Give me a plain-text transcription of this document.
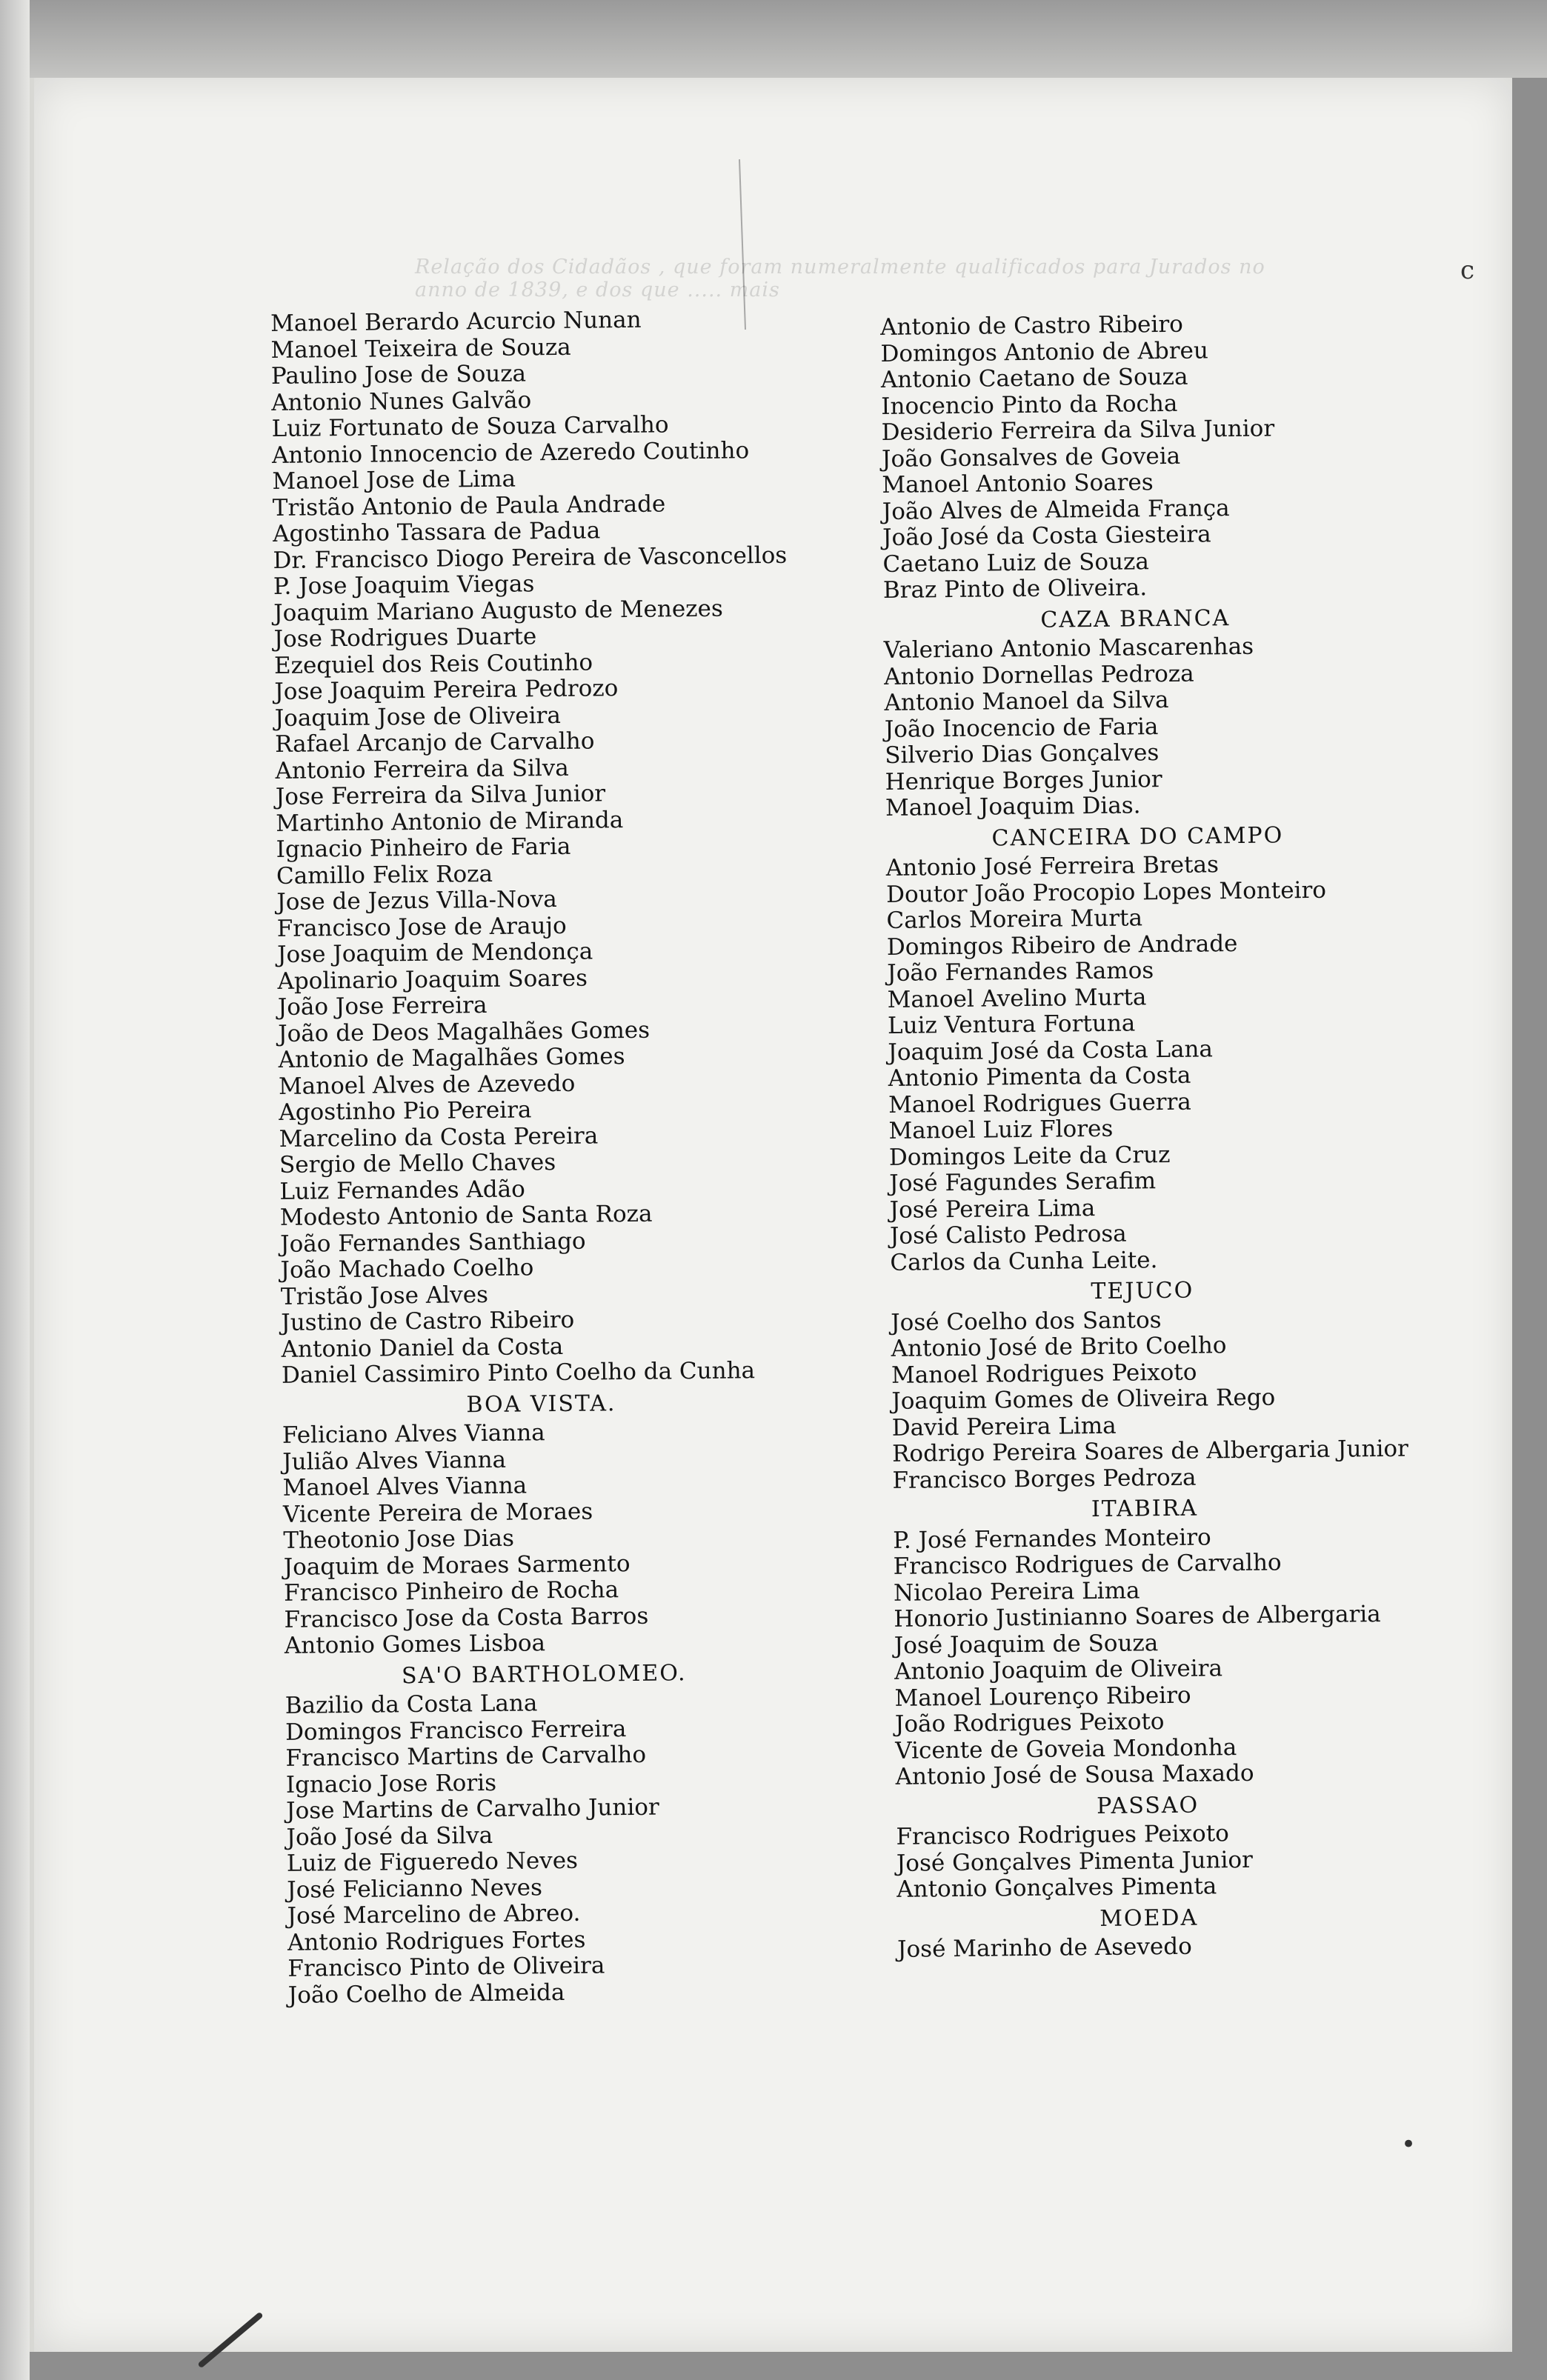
c
•
Relação dos Cidadãos , que foram numeralmente qualificados para Jurados no anno de 1839, e dos que ..... mais
Manoel Berardo Acurcio Nunan
Manoel Teixeira de Souza
Paulino Jose de Souza
Antonio Nunes Galvão
Luiz Fortunato de Souza Carvalho
Antonio Innocencio de Azeredo Coutinho
Manoel Jose de Lima
Tristão Antonio de Paula Andrade
Agostinho Tassara de Padua
Dr. Francisco Diogo Pereira de Vasconcellos
P. Jose Joaquim Viegas
Joaquim Mariano Augusto de Menezes
Jose Rodrigues Duarte
Ezequiel dos Reis Coutinho
Jose Joaquim Pereira Pedrozo
Joaquim Jose de Oliveira
Rafael Arcanjo de Carvalho
Antonio Ferreira da Silva
Jose Ferreira da Silva Junior
Martinho Antonio de Miranda
Ignacio Pinheiro de Faria
Camillo Felix Roza
Jose de Jezus Villa-Nova
Francisco Jose de Araujo
Jose Joaquim de Mendonça
Apolinario Joaquim Soares
João Jose Ferreira
João de Deos Magalhães Gomes
Antonio de Magalhães Gomes
Manoel Alves de Azevedo
Agostinho Pio Pereira
Marcelino da Costa Pereira
Sergio de Mello Chaves
Luiz Fernandes Adão
Modesto Antonio de Santa Roza
João Fernandes Santhiago
João Machado Coelho
Tristão Jose Alves
Justino de Castro Ribeiro
Antonio Daniel da Costa
Daniel Cassimiro Pinto Coelho da Cunha
BOA VISTA.
Feliciano Alves Vianna
Julião Alves Vianna
Manoel Alves Vianna
Vicente Pereira de Moraes
Theotonio Jose Dias
Joaquim de Moraes Sarmento
Francisco Pinheiro de Rocha
Francisco Jose da Costa Barros
Antonio Gomes Lisboa
SA'O BARTHOLOMEO.
Bazilio da Costa Lana
Domingos Francisco Ferreira
Francisco Martins de Carvalho
Ignacio Jose Roris
Jose Martins de Carvalho Junior
João José da Silva
Luiz de Figueredo Neves
José Felicianno Neves
José Marcelino de Abreo.
Antonio Rodrigues Fortes
Francisco Pinto de Oliveira
João Coelho de Almeida
Antonio de Castro Ribeiro
Domingos Antonio de Abreu
Antonio Caetano de Souza
Inocencio Pinto da Rocha
Desiderio Ferreira da Silva Junior
João Gonsalves de Goveia
Manoel Antonio Soares
João Alves de Almeida França
João José da Costa Giesteira
Caetano Luiz de Souza
Braz Pinto de Oliveira.
CAZA BRANCA
Valeriano Antonio Mascarenhas
Antonio Dornellas Pedroza
Antonio Manoel da Silva
João Inocencio de Faria
Silverio Dias Gonçalves
Henrique Borges Junior
Manoel Joaquim Dias.
CANCEIRA DO CAMPO
Antonio José Ferreira Bretas
Doutor João Procopio Lopes Monteiro
Carlos Moreira Murta
Domingos Ribeiro de Andrade
João Fernandes Ramos
Manoel Avelino Murta
Luiz Ventura Fortuna
Joaquim José da Costa Lana
Antonio Pimenta da Costa
Manoel Rodrigues Guerra
Manoel Luiz Flores
Domingos Leite da Cruz
José Fagundes Serafim
José Pereira Lima
José Calisto Pedrosa
Carlos da Cunha Leite.
TEJUCO
José Coelho dos Santos
Antonio José de Brito Coelho
Manoel Rodrigues Peixoto
Joaquim Gomes de Oliveira Rego
David Pereira Lima
Rodrigo Pereira Soares de Albergaria Junior
Francisco Borges Pedroza
ITABIRA
P. José Fernandes Monteiro
Francisco Rodrigues de Carvalho
Nicolao Pereira Lima
Honorio Justinianno Soares de Albergaria
José Joaquim de Souza
Antonio Joaquim de Oliveira
Manoel Lourenço Ribeiro
João Rodrigues Peixoto
Vicente de Goveia Mondonha
Antonio José de Sousa Maxado
PASSAO
Francisco Rodrigues Peixoto
José Gonçalves Pimenta Junior
Antonio Gonçalves Pimenta
MOEDA
José Marinho de Asevedo
